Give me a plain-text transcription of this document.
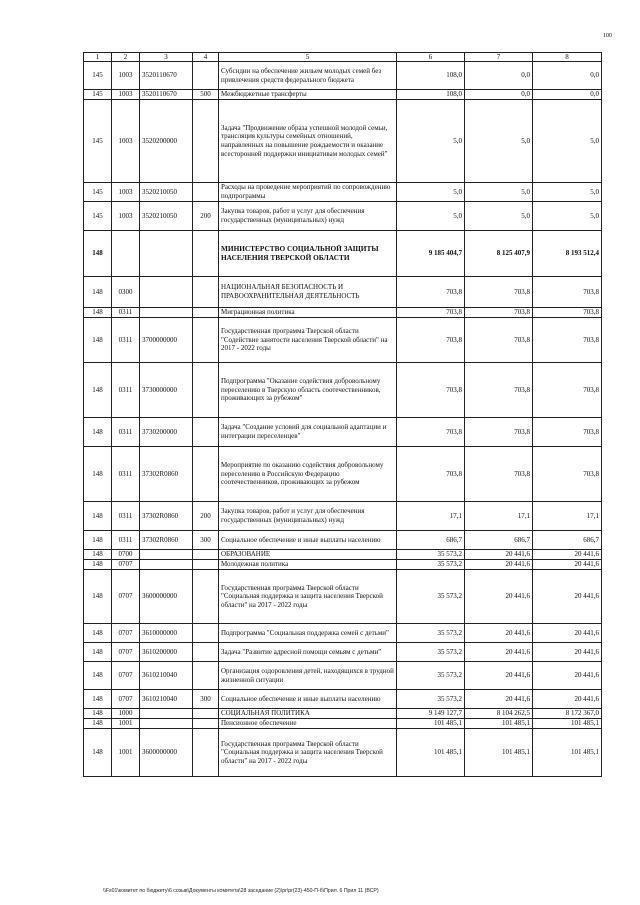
100
1	2	3	4	5	6	7	8
145	1003	3520110670		Субсидии на обеспечение жильем молодых семей без привлечения средств федерального бюджета	108,0	0,0	0,0
145	1003	3520110670	500	Межбюджетные трансферты	108,0	0,0	0,0
145	1003	3520200000		Задача "Продвижение образа успешной молодой семьи, трансляция культуры семейных отношений, направленных на повышение рождаемости и оказание всесторонней поддержки инициативам молодых семей"	5,0	5,0	5,0
145	1003	3520210050		Расходы на проведение мероприятий по сопровождению подпрограммы	5,0	5,0	5,0
145	1003	3520210050	200	Закупка товаров, работ и услуг для обеспечения государственных (муниципальных) нужд	5,0	5,0	5,0
148				МИНИСТЕРСТВО СОЦИАЛЬНОЙ ЗАЩИТЫ НАСЕЛЕНИЯ ТВЕРСКОЙ ОБЛАСТИ	9 185 404,7	8 125 407,9	8 193 512,4
148	0300			НАЦИОНАЛЬНАЯ БЕЗОПАСНОСТЬ И ПРАВООХРАНИТЕЛЬНАЯ ДЕЯТЕЛЬНОСТЬ	703,8	703,8	703,8
148	0311			Миграционная политика	703,8	703,8	703,8
148	0311	3700000000		Государственная программа Тверской области "Содействие занятости населения Тверской области" на 2017 - 2022 годы	703,8	703,8	703,8
148	0311	3730000000		Подпрограмма "Оказание содействия добровольному переселению в Тверскую область соотечественников, проживающих за рубежом"	703,8	703,8	703,8
148	0311	3730200000		Задача "Создание условий для социальной адаптации и интеграции переселенцев"	703,8	703,8	703,8
148	0311	37302R0860		Мероприятие по оказанию содействия добровольному переселению в Российскую Федерацию соотечественников, проживающих за рубежом	703,8	703,8	703,8
148	0311	37302R0860	200	Закупка товаров, работ и услуг для обеспечения государственных (муниципальных) нужд	17,1	17,1	17,1
148	0311	37302R0860	300	Социальное обеспечение и иные выплаты населению	686,7	686,7	686,7
148	0700			ОБРАЗОВАНИЕ	35 573,2	20 441,6	20 441,6
148	0707			Молодежная политика	35 573,2	20 441,6	20 441,6
148	0707	3600000000		Государственная программа Тверской области "Социальная поддержка и защита населения Тверской области" на 2017 - 2022 годы	35 573,2	20 441,6	20 441,6
148	0707	3610000000		Подпрограмма "Социальная поддержка семей с детьми"	35 573,2	20 441,6	20 441,6
148	0707	3610200000		Задача "Развитие адресной помощи семьям с детьми"	35 573,2	20 441,6	20 441,6
148	0707	3610210040		Организация оздоровления детей, находящихся в трудной жизненной ситуации	35 573,2	20 441,6	20 441,6
148	0707	3610210040	300	Социальное обеспечение и иные выплаты населению	35 573,2	20 441,6	20 441,6
148	1000			СОЦИАЛЬНАЯ ПОЛИТИКА	9 149 127,7	8 104 262,5	8 172 367,0
148	1001			Пенсионное обеспечение	101 485,1	101 485,1	101 485,1
148	1001	3600000000		Государственная программа Тверской области "Социальная поддержка и защита населения Тверской области" на 2017 - 2022 годы	101 485,1	101 485,1	101 485,1
\\Fs01\комитет по бюджету\6 созыв\Документы комитета\28 заседание (2)\pr\pr(23)-450-П-б\Прил. 6 Прил 11 (ВСР)
